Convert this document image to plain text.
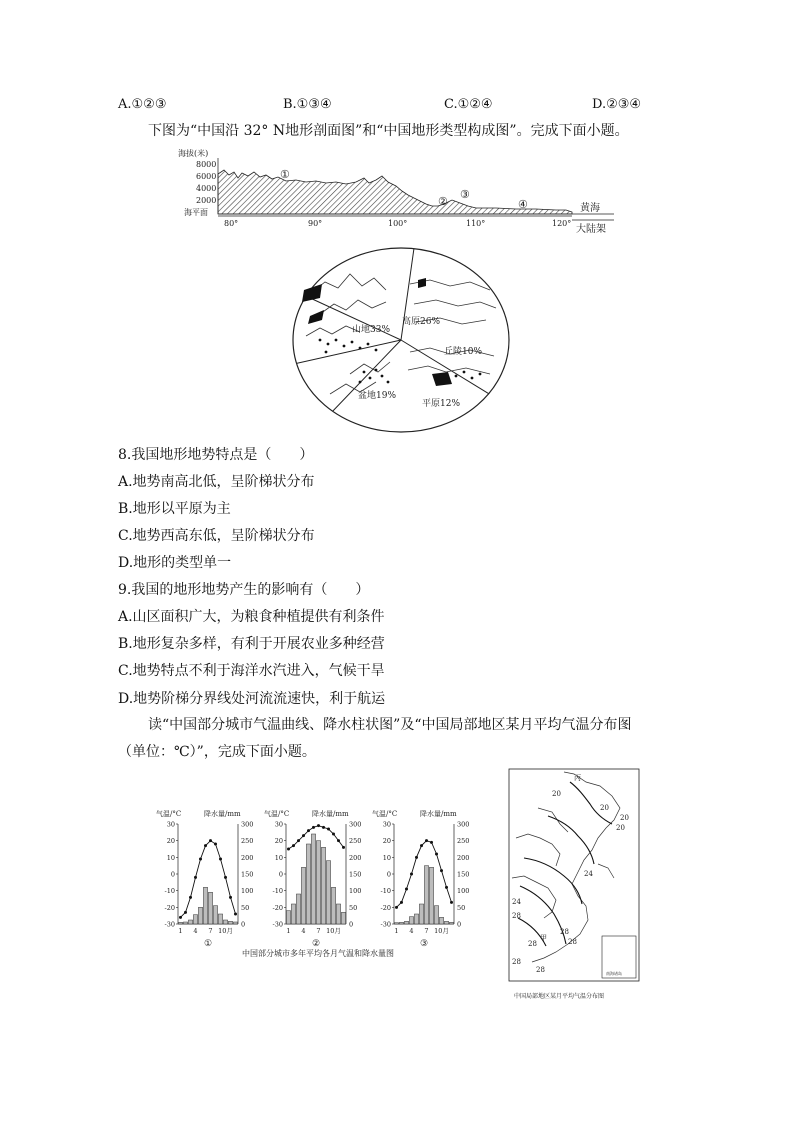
A.①②③	B.①③④	C.①②④	D.②③④
下图为“中国沿 32° N地形剖面图”和“中国地形类型构成图”。完成下面小题。
海拔(米)
8000
6000
4000
2000
海平面
①
②
③
④	黄海
大陆架
80°	90°	100°	110°	120°
山地33%
高原26%
丘陵10%
平原12%
盆地19%
8.我国地形地势特点是（　　）
A.地势南高北低，呈阶梯状分布
B.地形以平原为主
C.地势西高东低，呈阶梯状分布
D.地形的类型单一
9.我国的地形地势产生的影响有（　　）
A.山区面积广大，为粮食种植提供有利条件
B.地形复杂多样，有利于开展农业多种经营
C.地势特点不利于海洋水汽进入，气候干旱
D.地势阶梯分界线处河流流速快，利于航运
读“中国部分城市气温曲线、降水柱状图”及“中国局部地区某月平均气温分布图
（单位：℃）”，完成下面小题。
气温/°C	降水量/mm
30	300
20	250
10	200
0	150
-10	100
-20	50
-30	0
1 4 7 10月
①
气温/°C	降水量/mm
30	300
20	250
10	200
0	150
-10	100
-20	50
-30	0
1 4 7 10月
②
气温/°C	降水量/mm
30	300
20	250
10	200
0	150
-10	100
-20	50
-30	0
1 4 7 10月
③
中国部分城市多年平均各月气温和降水量图
南海诸岛
丙
20
20
20
20
24
24
28
28
28
28
甲
28
28
中国局部地区某月平均气温分布图
